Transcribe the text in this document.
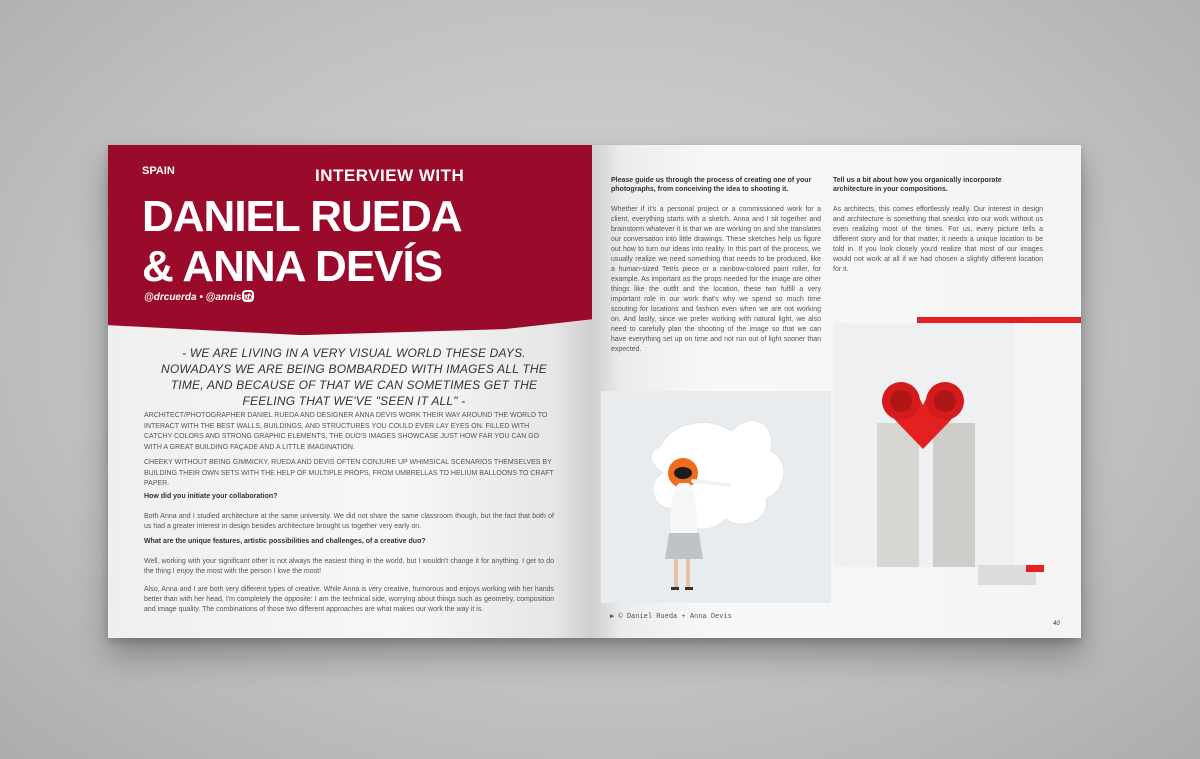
SPAIN	INTERVIEW WITH
DANIEL RUEDA
& ANNA DEVÍS
@drcuerda • @anniset
- WE ARE LIVING IN A VERY VISUAL WORLD THESE DAYS. NOWADAYS WE ARE BEING BOMBARDED WITH IMAGES ALL THE TIME, AND BECAUSE OF THAT WE CAN SOMETIMES GET THE FEELING THAT WE'VE "SEEN IT ALL" -
ARCHITECT/PHOTOGRAPHER DANIEL RUEDA AND DESIGNER ANNA DEVIS WORK THEIR WAY AROUND THE WORLD TO INTERACT WITH THE BEST WALLS, BUILDINGS, AND STRUCTURES YOU COULD EVER LAY EYES ON. FILLED WITH CATCHY COLORS AND STRONG GRAPHIC ELEMENTS, THE DUO'S IMAGES SHOWCASE JUST HOW FAR YOU CAN GO WITH A GREAT BUILDING FAÇADE AND A LITTLE IMAGINATION.
CHEEKY WITHOUT BEING GIMMICKY, RUEDA AND DEVIS OFTEN CONJURE UP WHIMSICAL SCENARIOS THEMSELVES BY BUILDING THEIR OWN SETS WITH THE HELP OF MULTIPLE PROPS, FROM UMBRELLAS TO HELIUM BALLOONS TO CRAFT PAPER.
How did you initiate your collaboration?
Both Anna and I studied architecture at the same university. We did not share the same classroom though, but the fact that both of us had a greater interest in design besides architecture brought us together very early on.
What are the unique features, artistic possibilities and challenges, of a creative duo?
Well, working with your significant other is not always the easiest thing in the world, but I wouldn't change it for anything. I get to do the thing I enjoy the most with the person I love the most!
Also, Anna and I are both very different types of creative. While Anna is very creative, humorous and enjoys working with her hands better than with her head, I'm completely the opposite: I am the technical side, worrying about things such as geometry, composition and image quality. The combinations of those two different approaches are what makes our work the way it is.
Please guide us through the process of creating one of your photographs, from conceiving the idea to shooting it.
Whether if it's a personal project or a commissioned work for a client, everything starts with a sketch. Anna and I sit together and brainstorm whatever it is that we are working on and she translates our conversation into little drawings. These sketches help us figure out how to turn our ideas into reality. In this part of the process, we usually realize we need something that needs to be produced, like a human-sized Tetris piece or a rainbow-colored paint roller, for example. As important as the props needed for the image are other things like the outfit and the location, these two fulfill a very important role in our work that's why we spend so much time scouting for locations and fashion even when we are not working on. And lastly, since we prefer working with natural light, we also need to carefully plan the shooting of the image so that we can have everything set up on time and not run out of light sooner than expected.
Tell us a bit about how you organically incorporate architecture in your compositions.
As architects, this comes effortlessly really. Our interest in design and architecture is something that sneaks into our work without us even realizing most of the times. For us, every picture tells a different story and for that matter, it needs a unique location to be told in. If you look closely you'd realize that most of our images would not work at all if we had chosen a slightly different location for it.
▶ © Daniel Rueda + Anna Devis
40
